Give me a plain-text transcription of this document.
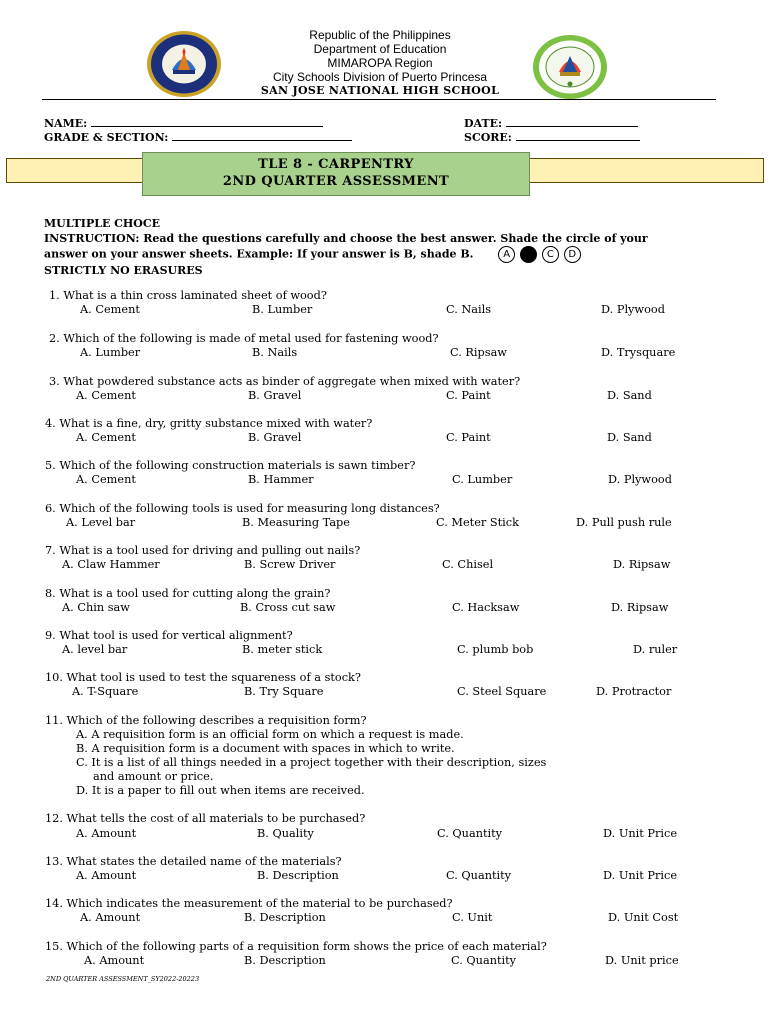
Republic of the Philippines
Department of Education
MIMAROPA Region
City Schools Division of Puerto Princesa
SAN JOSE NATIONAL HIGH SCHOOL
NAME:	DATE:
GRADE & SECTION:	SCORE:
TLE 8 - CARPENTRY
2ND QUARTER ASSESSMENT
MULTIPLE CHOCE
INSTRUCTION: Read the questions carefully and choose the best answer. Shade the circle of your
answer on your answer sheets. Example: If your answer is B, shade B.	A	C D
STRICTLY NO ERASURES
1. What is a thin cross laminated sheet of wood?
A. Cement	B. Lumber	C. Nails	D. Plywood
2. Which of the following is made of metal used for fastening wood?
A. Lumber	B. Nails	C. Ripsaw	D. Trysquare
3. What powdered substance acts as binder of aggregate when mixed with water?
A. Cement	B. Gravel	C. Paint	D. Sand
4. What is a fine, dry, gritty substance mixed with water?
A. Cement	B. Gravel	C. Paint	D. Sand
5. Which of the following construction materials is sawn timber?
A. Cement	B. Hammer	C. Lumber	D. Plywood
6. Which of the following tools is used for measuring long distances?
A. Level bar	B. Measuring Tape	C. Meter Stick	D. Pull push rule
7. What is a tool used for driving and pulling out nails?
A. Claw Hammer	B. Screw Driver	C. Chisel	D. Ripsaw
8. What is a tool used for cutting along the grain?
A. Chin saw	B. Cross cut saw	C. Hacksaw	D. Ripsaw
9. What tool is used for vertical alignment?
A. level bar	B. meter stick	C. plumb bob	D. ruler
10. What tool is used to test the squareness of a stock?
A. T-Square	B. Try Square	C. Steel Square	D. Protractor
11. Which of the following describes a requisition form?
A. A requisition form is an official form on which a request is made.
B. A requisition form is a document with spaces in which to write.
C. It is a list of all things needed in a project together with their description, sizes
and amount or price.
D. It is a paper to fill out when items are received.
12. What tells the cost of all materials to be purchased?
A. Amount	B. Quality	C. Quantity	D. Unit Price
13. What states the detailed name of the materials?
A. Amount	B. Description	C. Quantity	D. Unit Price
14. Which indicates the measurement of the material to be purchased?
A. Amount	B. Description	C. Unit	D. Unit Cost
15. Which of the following parts of a requisition form shows the price of each material?
A. Amount	B. Description	C. Quantity	D. Unit price
2ND QUARTER ASSESSMENT_SY2022-20223
